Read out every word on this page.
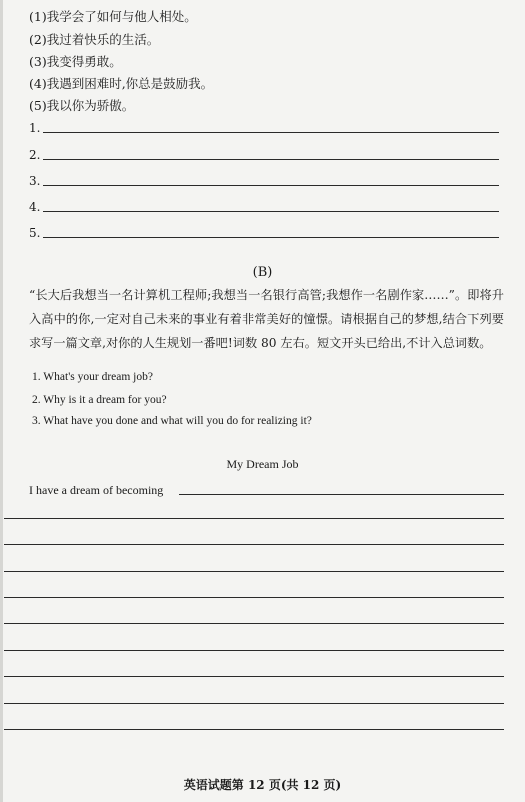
(1)我学会了如何与他人相处。
(2)我过着快乐的生活。
(3)我变得勇敢。
(4)我遇到困难时,你总是鼓励我。
(5)我以你为骄傲。
1.
2.
3.
4.
5.
(B)
“长大后我想当一名计算机工程师;我想当一名银行高管;我想作一名剧作家……”。即将升入高中的你,一定对自己未来的事业有着非常美好的憧憬。请根据自己的梦想,结合下列要求写一篇文章,对你的人生规划一番吧!词数 80 左右。短文开头已给出,不计入总词数。
1. What's your dream job?
2. Why is it a dream for you?
3. What have you done and what will you do for realizing it?
My Dream Job
I have a dream of becoming
英语试题第 12 页(共 12 页)
